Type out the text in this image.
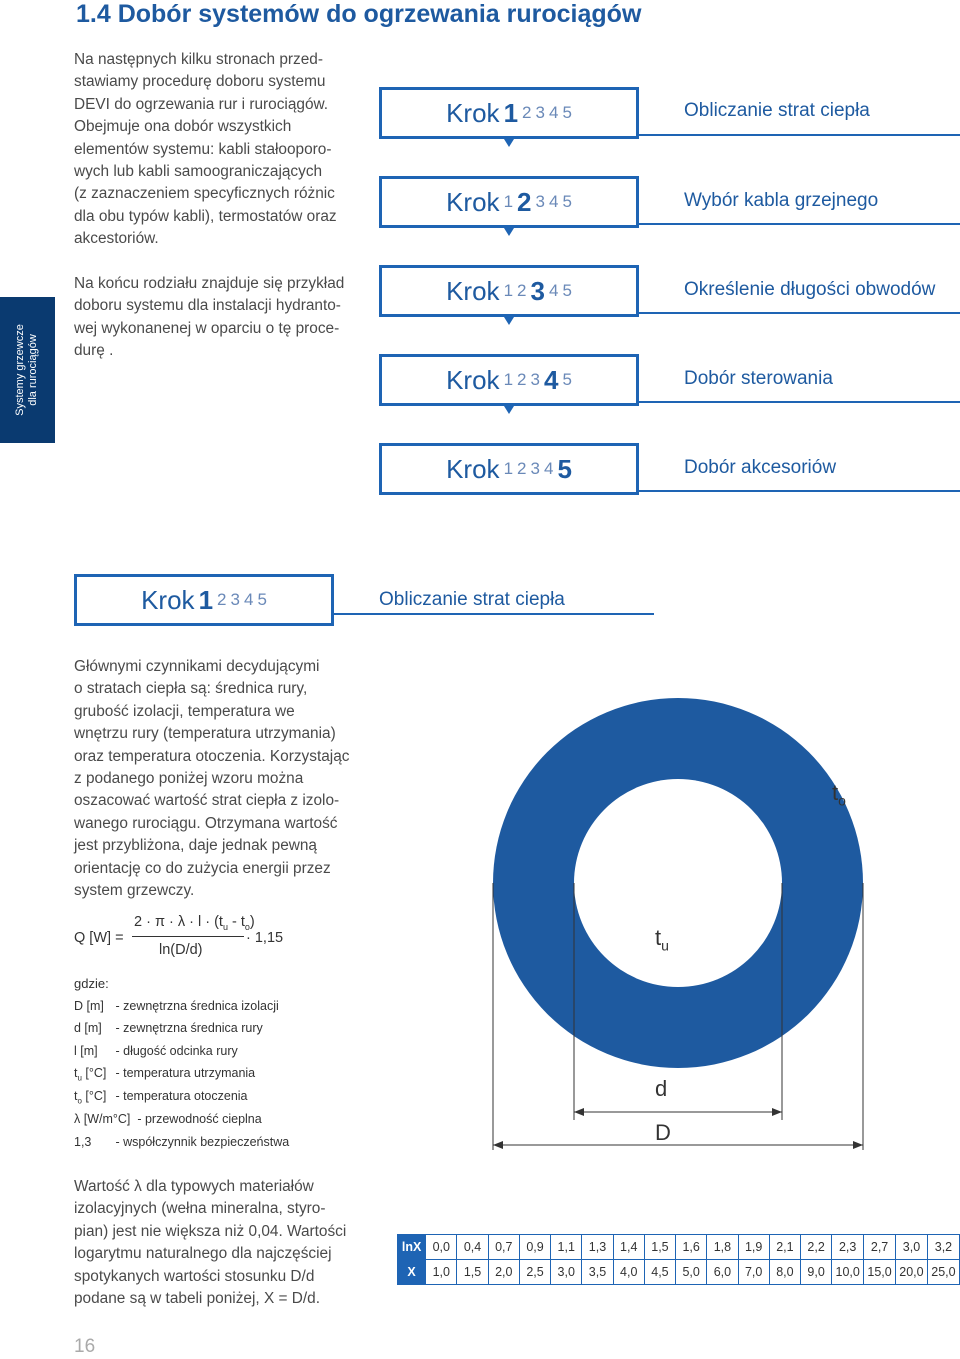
1.4 Dobór systemów do ogrzewania rurociągów
Systemy grzewcze dla rurociągów
Na następnych kilku stronach przed-
stawiamy procedurę doboru systemu
DEVI do ogrzewania rur i rurociągów.
Obejmuje ona dobór wszystkich
elementów systemu: kabli stałooporo-
wych lub kabli samoograniczających
(z zaznaczeniem specyficznych różnic
dla obu typów kabli), termostatów oraz
akcestoriów.
Na końcu rodziału znajduje się przykład
doboru systemu dla instalacji hydranto-
wej wykonanenej w oparciu o tę proce-
durę .
Krok 1 2 3 4 5	Obliczanie strat ciepła
Krok 1 2 3 4 5	Wybór kabla grzejnego
Krok 1 2 3 4 5	Określenie długości obwodów
Krok 1 2 3 4 5	Dobór sterowania
Krok 1 2 3 4 5	Dobór akcesoriów
Krok 1 2 3 4 5	Obliczanie strat ciepła
Głównymi czynnikami decydującymi
o stratach ciepła są: średnica rury,
grubość izolacji, temperatura we
wnętrzu rury (temperatura utrzymania)
oraz temperatura otoczenia. Korzystając
z podanego poniżej wzoru można
oszacować wartość strat ciepła z izolo-
wanego rurociągu. Otrzymana wartość
jest przybliżona, daje jednak pewną
orientację co do zużycia energii przez
system grzewczy.
Q [W] =
$2 \cdot \pi \cdot \lambda \cdot l \cdot (t_u - t_o)$
ln(D/d)
· 1,15
gdzie:
D [m] - zewnętrzna średnica izolacji
d [m] - zewnętrzna średnica rury
l [m] - długość odcinka rury
$t_u$ [°C] - temperatura utrzymania
$t_o$ [°C] - temperatura otoczenia
λ [W/m°C] - przewodność cieplna
1,3 - współczynnik bezpieczeństwa
$t_o$
$t_u$
d
D
Wartość λ dla typowych materiałów
izolacyjnych (wełna mineralna, styro-
pian) jest nie większa niż 0,04. Wartości
logarytmu naturalnego dla najczęściej
spotykanych wartości stosunku D/d
podane są w tabeli poniżej, X = D/d.
lnX	0,0	0,4	0,7	0,9	1,1	1,3	1,4	1,5	1,6	1,8	1,9	2,1	2,2	2,3	2,7	3,0	3,2
X	1,0	1,5	2,0	2,5	3,0	3,5	4,0	4,5	5,0	6,0	7,0	8,0	9,0	10,0	15,0	20,0	25,0
16
